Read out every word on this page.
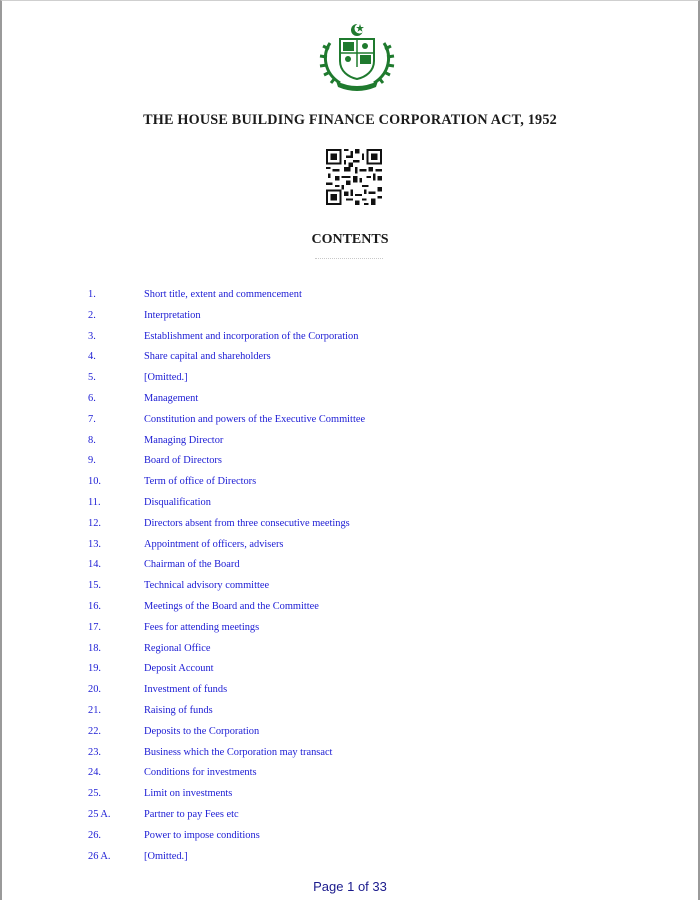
THE HOUSE BUILDING FINANCE CORPORATION ACT, 1952
CONTENTS
1.	Short title, extent and commencement
2.	Interpretation
3.	Establishment and incorporation of the Corporation
4.	Share capital and shareholders
5.	[Omitted.]
6.	Management
7.	Constitution and powers of the Executive Committee
8.	Managing Director
9.	Board of Directors
10.	Term of office of Directors
11.	Disqualification
12.	Directors absent from three consecutive meetings
13.	Appointment of officers, advisers
14.	Chairman of the Board
15.	Technical advisory committee
16.	Meetings of the Board and the Committee
17.	Fees for attending meetings
18.	Regional Office
19.	Deposit Account
20.	Investment of funds
21.	Raising of funds
22.	Deposits to the Corporation
23.	Business which the Corporation may transact
24.	Conditions for investments
25.	Limit on investments
25 A.	Partner to pay Fees etc
26.	Power to impose conditions
26 A.	[Omitted.]
Page 1 of 33
